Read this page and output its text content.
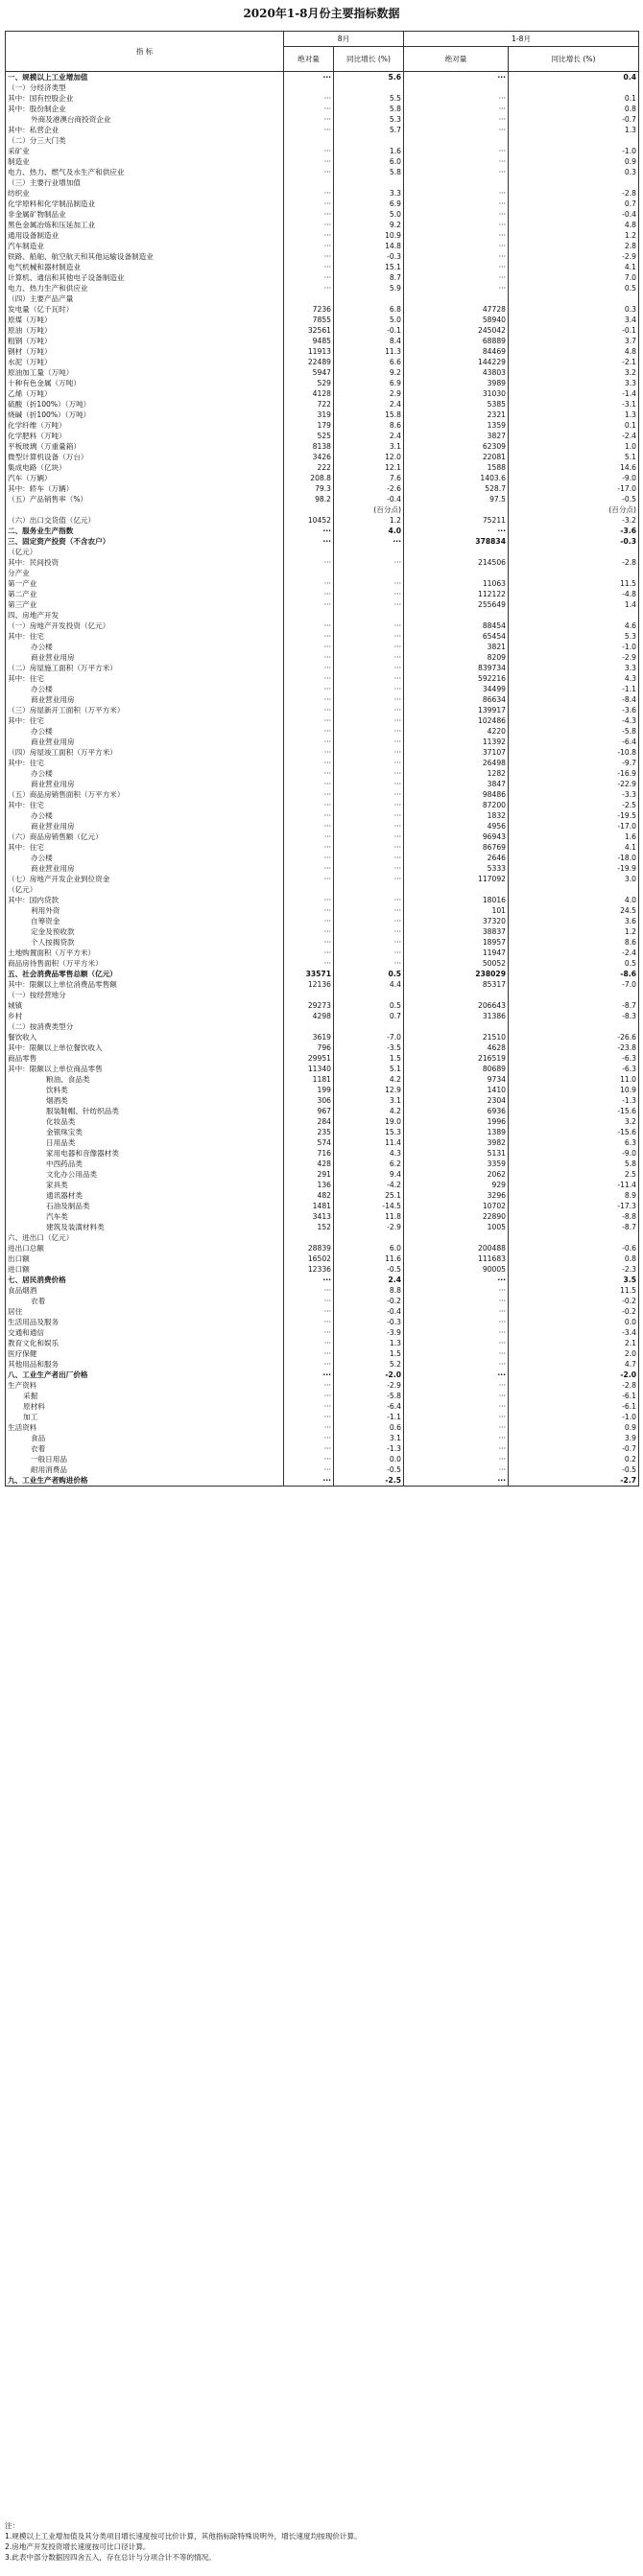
2020年1-8月份主要指标数据
指 标	8月		1-8月	
	绝对量	同比增长 (%)	绝对量	同比增长 (%)
一、规模以上工业增加值	···	5.6	···	0.4
（一）分经济类型				
其中：国有控股企业	···	5.5	···	0.1
其中：股份制企业	···	5.8	···	0.8
外商及港澳台商投资企业	···	5.3	···	-0.7
其中：私营企业	···	5.7	···	1.3
（二）分三大门类				
采矿业	···	1.6	···	-1.0
制造业	···	6.0	···	0.9
电力、热力、燃气及水生产和供应业	···	5.8	···	0.3
（三）主要行业增加值				
纺织业	···	3.3	···	-2.8
化学原料和化学制品制造业	···	6.9	···	0.7
非金属矿物制品业	···	5.0	···	-0.4
黑色金属冶炼和压延加工业	···	9.2	···	4.8
通用设备制造业	···	10.9	···	1.2
汽车制造业	···	14.8	···	2.8
铁路、船舶、航空航天和其他运输设备制造业	···	-0.3	···	-2.9
电气机械和器材制造业	···	15.1	···	4.1
计算机、通信和其他电子设备制造业	···	8.7	···	7.0
电力、热力生产和供应业	···	5.9	···	0.5
（四）主要产品产量				
发电量（亿千瓦时）	7236	6.8	47728	0.3
原煤（万吨）	7855	5.0	58940	3.4
原油（万吨）	32561	-0.1	245042	-0.1
粗钢（万吨）	9485	8.4	68889	3.7
钢材（万吨）	11913	11.3	84469	4.8
水泥（万吨）	22489	6.6	144229	-2.1
原油加工量（万吨）	5947	9.2	43803	3.2
十种有色金属（万吨）	529	6.9	3989	3.3
乙烯（万吨）	4128	2.9	31030	-1.4
硫酸（折100%）（万吨）	722	2.4	5385	-3.1
烧碱（折100%）（万吨）	319	15.8	2321	1.3
化学纤维（万吨）	179	8.6	1359	0.1
化学肥料（万吨）	525	2.4	3827	-2.4
平板玻璃（万重量箱）	8138	3.1	62309	1.0
微型计算机设备（万台）	3426	12.0	22081	5.1
集成电路（亿块）	222	12.1	1588	14.6
汽车（万辆）	208.8	7.6	1403.6	-9.0
其中：轿车（万辆）	79.3	-2.6	528.7	-17.0
（五）产品销售率（%）	98.2	-0.4	97.5	-0.5
		(百分点)		(百分点)
（六）出口交货值（亿元）	10452	1.2	75211	-3.2
二、服务业生产指数	···	4.0	···	-3.6
三、固定资产投资（不含农户）	···	···	378834	-0.3
（亿元）				
其中：民间投资	···	···	214506	-2.8
分产业				
第一产业	···	···	11063	11.5
第二产业	···	···	112122	-4.8
第三产业	···	···	255649	1.4
四、房地产开发				
（一）房地产开发投资（亿元）	···	···	88454	4.6
其中：住宅	···	···	65454	5.3
办公楼	···	···	3821	-1.0
商业营业用房	···	···	8209	-2.9
（二）房屋施工面积（万平方米）	···	···	839734	3.3
其中：住宅	···	···	592216	4.3
办公楼	···	···	34499	-1.1
商业营业用房	···	···	86634	-8.4
（三）房屋新开工面积（万平方米）	···	···	139917	-3.6
其中：住宅	···	···	102486	-4.3
办公楼	···	···	4220	-5.8
商业营业用房	···	···	11392	-6.4
（四）房屋竣工面积（万平方米）	···	···	37107	-10.8
其中：住宅	···	···	26498	-9.7
办公楼	···	···	1282	-16.9
商业营业用房	···	···	3847	-22.9
（五）商品房销售面积（万平方米）	···	···	98486	-3.3
其中：住宅	···	···	87200	-2.5
办公楼	···	···	1832	-19.5
商业营业用房	···	···	4956	-17.0
（六）商品房销售额（亿元）	···	···	96943	1.6
其中：住宅	···	···	86769	4.1
办公楼	···	···	2646	-18.0
商业营业用房	···	···	5333	-19.9
（七）房地产开发企业到位资金	···	···	117092	3.0
（亿元）				
其中：国内贷款	···	···	18016	4.0
利用外资	···	···	101	24.5
自筹资金	···	···	37320	3.6
定金及预收款	···	···	38837	1.2
个人按揭贷款	···	···	18957	8.6
土地购置面积（万平方米）	···	···	11947	-2.4
商品房待售面积（万平方米）	···	···	50052	0.5
五、社会消费品零售总额（亿元）	33571	0.5	238029	-8.6
其中：限额以上单位消费品零售额	12136	4.4	85317	-7.0
（一）按经营地分				
城镇	29273	0.5	206643	-8.7
乡村	4298	0.7	31386	-8.3
（二）按消费类型分				
餐饮收入	3619	-7.0	21510	-26.6
其中：限额以上单位餐饮收入	796	-3.5	4628	-23.8
商品零售	29951	1.5	216519	-6.3
其中：限额以上单位商品零售	11340	5.1	80689	-6.3
粮油、食品类	1181	4.2	9734	11.0
饮料类	199	12.9	1410	10.9
烟酒类	306	3.1	2304	-1.3
服装鞋帽、针纺织品类	967	4.2	6936	-15.6
化妆品类	284	19.0	1996	3.2
金银珠宝类	235	15.3	1389	-15.6
日用品类	574	11.4	3982	6.3
家用电器和音像器材类	716	4.3	5131	-9.0
中西药品类	428	6.2	3359	5.8
文化办公用品类	291	9.4	2062	2.5
家具类	136	-4.2	929	-11.4
通讯器材类	482	25.1	3296	8.9
石油及制品类	1481	-14.5	10702	-17.3
汽车类	3413	11.8	22890	-8.8
建筑及装潢材料类	152	-2.9	1005	-8.7
六、进出口（亿元）				
进出口总额	28839	6.0	200488	-0.6
出口额	16502	11.6	111683	0.8
进口额	12336	-0.5	90005	-2.3
七、居民消费价格	···	2.4	···	3.5
食品烟酒	···	8.8	···	11.5
衣着	···	-0.2	···	-0.2
居住	···	-0.4	···	-0.2
生活用品及服务	···	-0.3	···	0.0
交通和通信	···	-3.9	···	-3.4
教育文化和娱乐	···	1.3	···	2.1
医疗保健	···	1.5	···	2.0
其他用品和服务	···	5.2	···	4.7
八、工业生产者出厂价格	···	-2.0	···	-2.0
生产资料	···	-2.9	···	-2.8
采掘	···	-5.8	···	-6.1
原材料	···	-6.4	···	-6.1
加工	···	-1.1	···	-1.0
生活资料	···	0.6	···	0.9
食品	···	3.1	···	3.9
衣着	···	-1.3	···	-0.7
一般日用品	···	0.0	···	0.2
耐用消费品	···	-0.5	···	-0.5
九、工业生产者购进价格	···	-2.5	···	-2.7
注：
1.规模以上工业增加值及其分类项目增长速度按可比价计算，其他指标除特殊说明外，增长速度均按现价计算。
2.房地产开发投资增长速度按可比口径计算。
3.此表中部分数据因四舍五入，存在总计与分项合计不等的情况。
